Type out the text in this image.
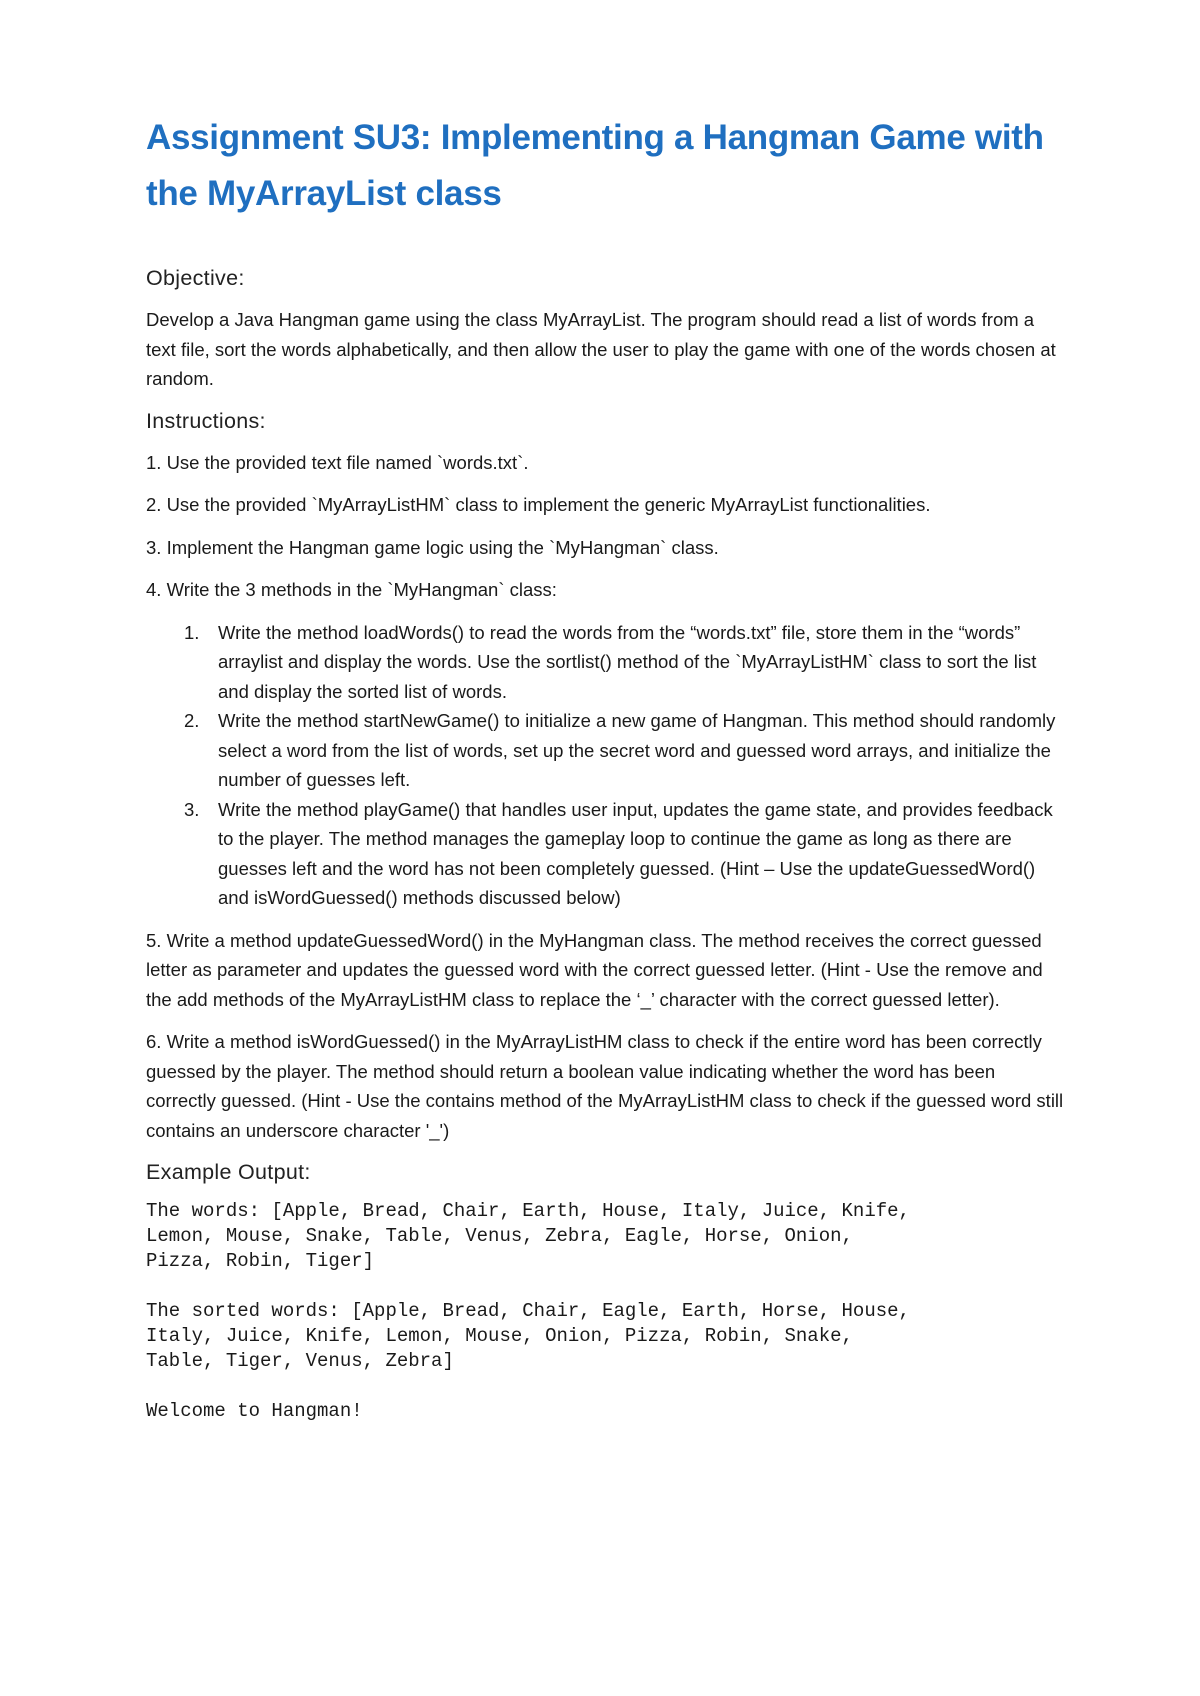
Assignment SU3: Implementing a Hangman Game with the MyArrayList class
Objective:

Develop a Java Hangman game using the class MyArrayList. The program should read a list of words from a text file, sort the words alphabetically, and then allow the user to play the game with one of the words chosen at random.

Instructions:

1. Use the provided text file named `words.txt`.

2. Use the provided `MyArrayListHM` class to implement the generic MyArrayList functionalities.

3. Implement the Hangman game logic using the `MyHangman` class.

4. Write the 3 methods in the `MyHangman` class:

1. Write the method loadWords() to read the words from the “words.txt” file, store them in the “words” arraylist and display the words. Use the sortlist() method of the `MyArrayListHM` class to sort the list and display the sorted list of words.
2. Write the method startNewGame() to initialize a new game of Hangman. This method should randomly select a word from the list of words, set up the secret word and guessed word arrays, and initialize the number of guesses left.
3. Write the method playGame() that handles user input, updates the game state, and provides feedback to the player. The method manages the gameplay loop to continue the game as long as there are guesses left and the word has not been completely guessed. (Hint – Use the updateGuessedWord() and isWordGuessed() methods discussed below)

5. Write a method updateGuessedWord() in the MyHangman class. The method receives the correct guessed letter as parameter and updates the guessed word with the correct guessed letter. (Hint - Use the remove and the add methods of the MyArrayListHM class to replace the ‘_’ character with the correct guessed letter).

6. Write a method isWordGuessed() in the MyArrayListHM class to check if the entire word has been correctly guessed by the player. The method should return a boolean value indicating whether the word has been correctly guessed. (Hint - Use the contains method of the MyArrayListHM class to check if the guessed word still contains an underscore character '_')

Example Output:
The words: [Apple, Bread, Chair, Earth, House, Italy, Juice, Knife,
Lemon, Mouse, Snake, Table, Venus, Zebra, Eagle, Horse, Onion,
Pizza, Robin, Tiger]
The sorted words: [Apple, Bread, Chair, Eagle, Earth, Horse, House,
Italy, Juice, Knife, Lemon, Mouse, Onion, Pizza, Robin, Snake,
Table, Tiger, Venus, Zebra]
Welcome to Hangman!
